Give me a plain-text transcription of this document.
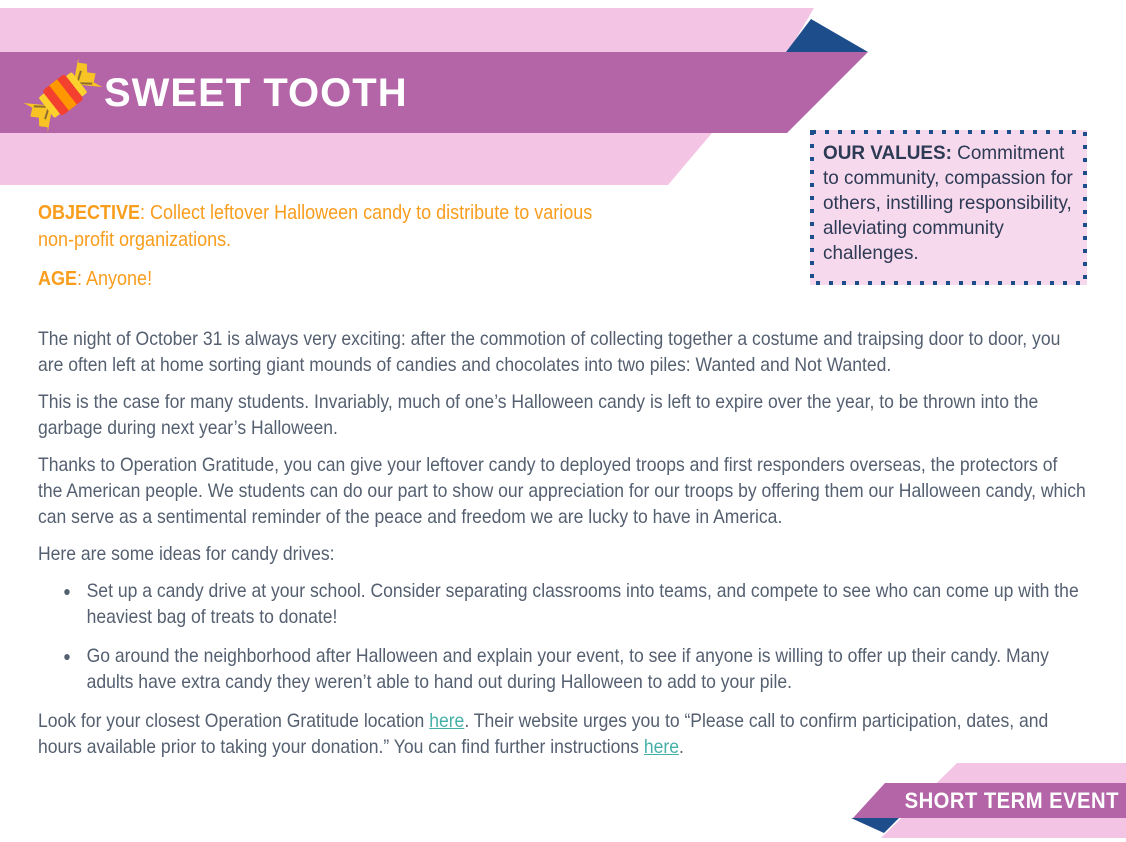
SWEET TOOTH
OUR VALUES: Commitment to community, compassion for others, instilling responsibility, alleviating community challenges.
OBJECTIVE: Collect leftover Halloween candy to distribute to various non-profit organizations.
AGE: Anyone!

The night of October 31 is always very exciting: after the commotion of collecting together a costume and traipsing door to door, you are often left at home sorting giant mounds of candies and chocolates into two piles: Wanted and Not Wanted.

This is the case for many students. Invariably, much of one’s Halloween candy is left to expire over the year, to be thrown into the garbage during next year’s Halloween.

Thanks to Operation Gratitude, you can give your leftover candy to deployed troops and first responders overseas, the protectors of the American people. We students can do our part to show our appreciation for our troops by offering them our Halloween candy, which can serve as a sentimental reminder of the peace and freedom we are lucky to have in America.

Here are some ideas for candy drives:

● Set up a candy drive at your school. Consider separating classrooms into teams, and compete to see who can come up with the heaviest bag of treats to donate!
● Go around the neighborhood after Halloween and explain your event, to see if anyone is willing to offer up their candy. Many adults have extra candy they weren’t able to hand out during Halloween to add to your pile.

Look for your closest Operation Gratitude location here. Their website urges you to “Please call to confirm participation, dates, and hours available prior to taking your donation.” You can find further instructions here.

SHORT TERM EVENT
